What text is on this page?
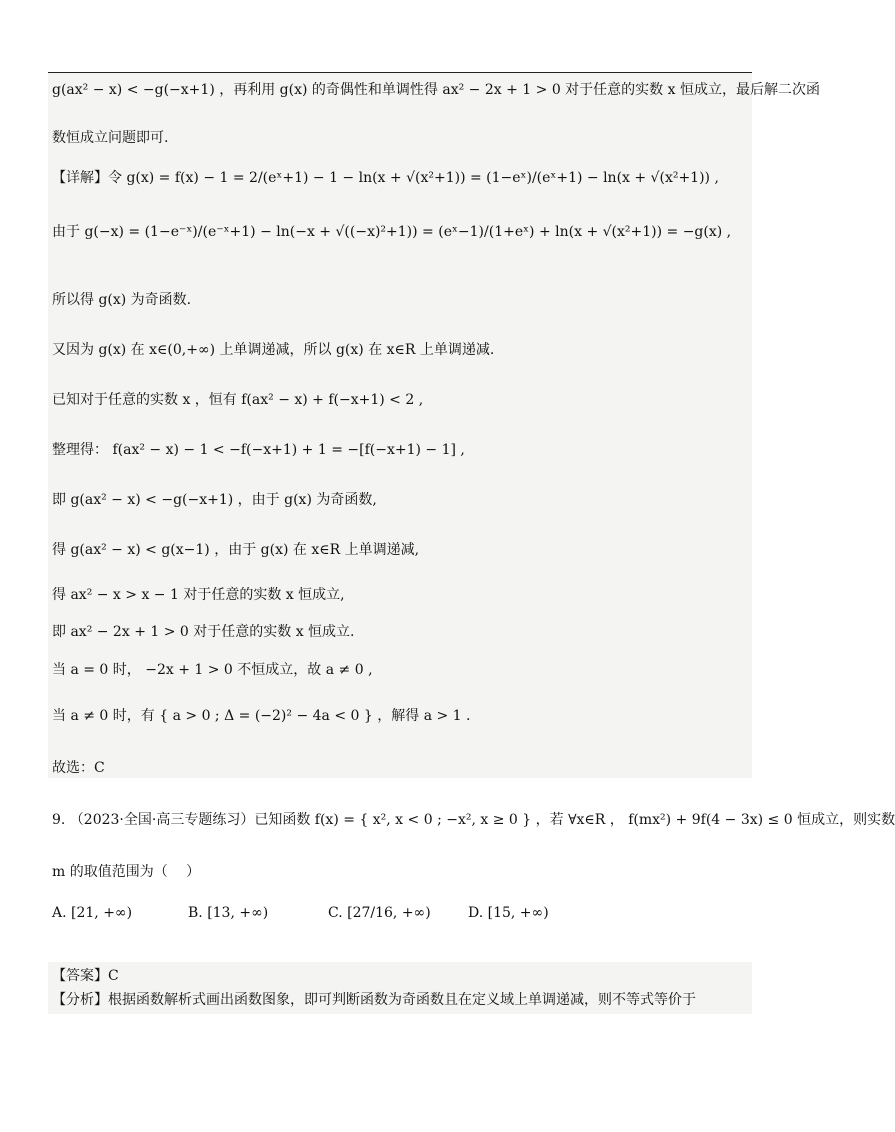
g(ax² − x) < −g(−x+1) ，再利用 g(x) 的奇偶性和单调性得 ax² − 2x + 1 > 0 对于任意的实数 x 恒成立，最后解二次函
数恒成立问题即可.
【详解】令 g(x) = f(x) − 1 = 2/(eˣ+1) − 1 − ln(x + √(x²+1)) = (1−eˣ)/(eˣ+1) − ln(x + √(x²+1)) ,
由于 g(−x) = (1−e⁻ˣ)/(e⁻ˣ+1) − ln(−x + √((−x)²+1)) = (eˣ−1)/(1+eˣ) + ln(x + √(x²+1)) = −g(x) ,
所以得 g(x) 为奇函数.
又因为 g(x) 在 x∈(0,+∞) 上单调递减，所以 g(x) 在 x∈R 上单调递减.
已知对于任意的实数 x ，恒有 f(ax² − x) + f(−x+1) < 2 ,
整理得： f(ax² − x) − 1 < −f(−x+1) + 1 = −[f(−x+1) − 1] ,
即 g(ax² − x) < −g(−x+1) ，由于 g(x) 为奇函数,
得 g(ax² − x) < g(x−1) ，由于 g(x) 在 x∈R 上单调递减,
得 ax² − x > x − 1 对于任意的实数 x 恒成立,
即 ax² − 2x + 1 > 0 对于任意的实数 x 恒成立.
当 a = 0 时， −2x + 1 > 0 不恒成立，故 a ≠ 0 ,
当 a ≠ 0 时，有 { a > 0 ; Δ = (−2)² − 4a < 0 } ，解得 a > 1 .
故选：C
9. （2023·全国·高三专题练习）已知函数 f(x) = { x², x < 0 ; −x², x ≥ 0 } ，若 ∀x∈R ， f(mx²) + 9f(4 − 3x) ≤ 0 恒成立，则实数
m 的取值范围为（　 ）
A. [21, +∞)	B. [13, +∞)	C. [27/16, +∞)	D. [15, +∞)
【答案】C
【分析】根据函数解析式画出函数图象，即可判断函数为奇函数且在定义域上单调递减，则不等式等价于
